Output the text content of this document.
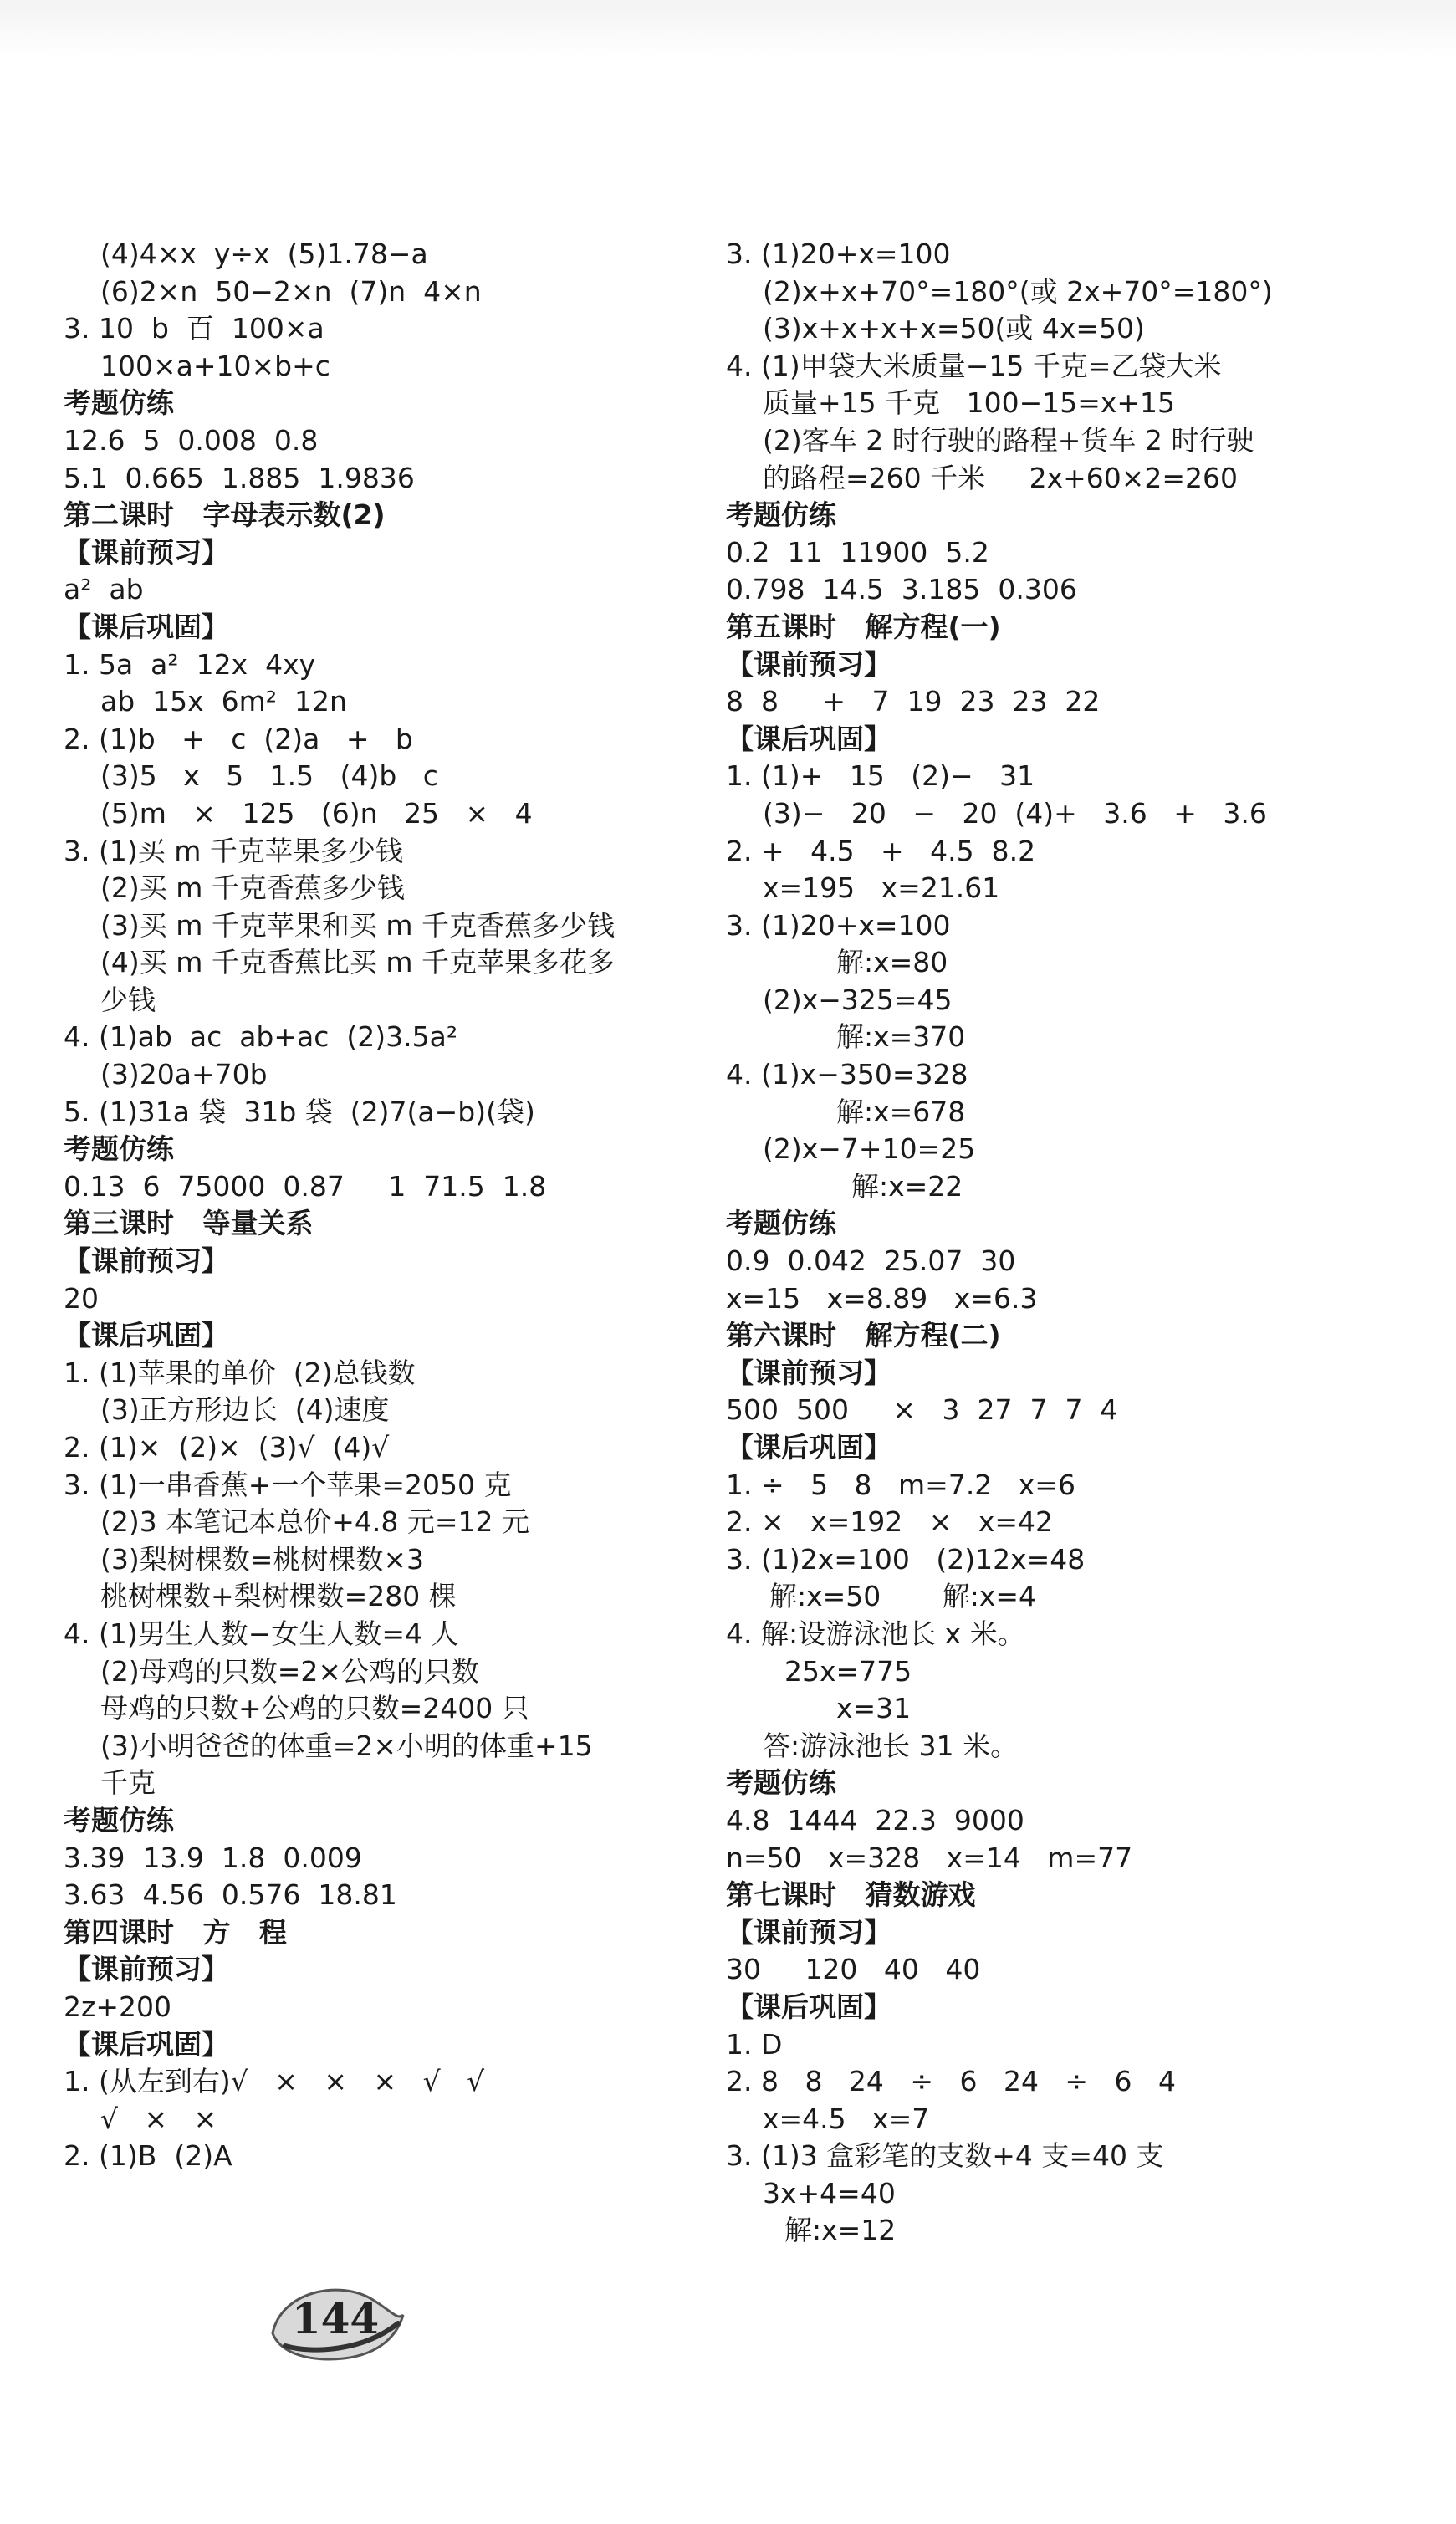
(4)4×x  y÷x  (5)1.78−a
(6)2×n  50−2×n  (7)n  4×n
3. 10  b  百  100×a
100×a+10×b+c
考题仿练
12.6  5  0.008  0.8
5.1  0.665  1.885  1.9836
第二课时   字母表示数(2)
【课前预习】
a²  ab
【课后巩固】
1. 5a  a²  12x  4xy
ab  15x  6m²  12n
2. (1)b   +   c  (2)a   +   b
(3)5   x   5   1.5   (4)b   c
(5)m   ×   125   (6)n   25   ×   4
3. (1)买 m 千克苹果多少钱
(2)买 m 千克香蕉多少钱
(3)买 m 千克苹果和买 m 千克香蕉多少钱
(4)买 m 千克香蕉比买 m 千克苹果多花多
少钱
4. (1)ab  ac  ab+ac  (2)3.5a²
(3)20a+70b
5. (1)31a 袋  31b 袋  (2)7(a−b)(袋)
考题仿练
0.13  6  75000  0.87     1  71.5  1.8
第三课时   等量关系
【课前预习】
20
【课后巩固】
1. (1)苹果的单价  (2)总钱数
(3)正方形边长  (4)速度
2. (1)×  (2)×  (3)√  (4)√
3. (1)一串香蕉+一个苹果=2050 克
(2)3 本笔记本总价+4.8 元=12 元
(3)梨树棵数=桃树棵数×3
桃树棵数+梨树棵数=280 棵
4. (1)男生人数−女生人数=4 人
(2)母鸡的只数=2×公鸡的只数
母鸡的只数+公鸡的只数=2400 只
(3)小明爸爸的体重=2×小明的体重+15
千克
考题仿练
3.39  13.9  1.8  0.009
3.63  4.56  0.576  18.81
第四课时   方   程
【课前预习】
2z+200
【课后巩固】
1. (从左到右)√   ×   ×   ×   √   √
√   ×   ×
2. (1)B  (2)A
3. (1)20+x=100
(2)x+x+70°=180°(或 2x+70°=180°)
(3)x+x+x+x=50(或 4x=50)
4. (1)甲袋大米质量−15 千克=乙袋大米
质量+15 千克   100−15=x+15
(2)客车 2 时行驶的路程+货车 2 时行驶
的路程=260 千米     2x+60×2=260
考题仿练
0.2  11  11900  5.2
0.798  14.5  3.185  0.306
第五课时   解方程(一)
【课前预习】
8  8     +   7  19  23  23  22
【课后巩固】
1. (1)+   15   (2)−   31
(3)−   20   −   20  (4)+   3.6   +   3.6
2. +   4.5   +   4.5  8.2
x=195   x=21.61
3. (1)20+x=100
解:x=80
(2)x−325=45
解:x=370
4. (1)x−350=328
解:x=678
(2)x−7+10=25
解:x=22
考题仿练
0.9  0.042  25.07  30
x=15   x=8.89   x=6.3
第六课时   解方程(二)
【课前预习】
500  500     ×   3  27  7  7  4
【课后巩固】
1. ÷   5   8   m=7.2   x=6
2. ×   x=192   ×   x=42
3. (1)2x=100   (2)12x=48
解:x=50       解:x=4
4. 解:设游泳池长 x 米。
25x=775
x=31
答:游泳池长 31 米。
考题仿练
4.8  1444  22.3  9000
n=50   x=328   x=14   m=77
第七课时   猜数游戏
【课前预习】
30     120   40   40
【课后巩固】
1. D
2. 8   8   24   ÷   6   24   ÷   6   4
x=4.5   x=7
3. (1)3 盒彩笔的支数+4 支=40 支
3x+4=40
解:x=12
144
